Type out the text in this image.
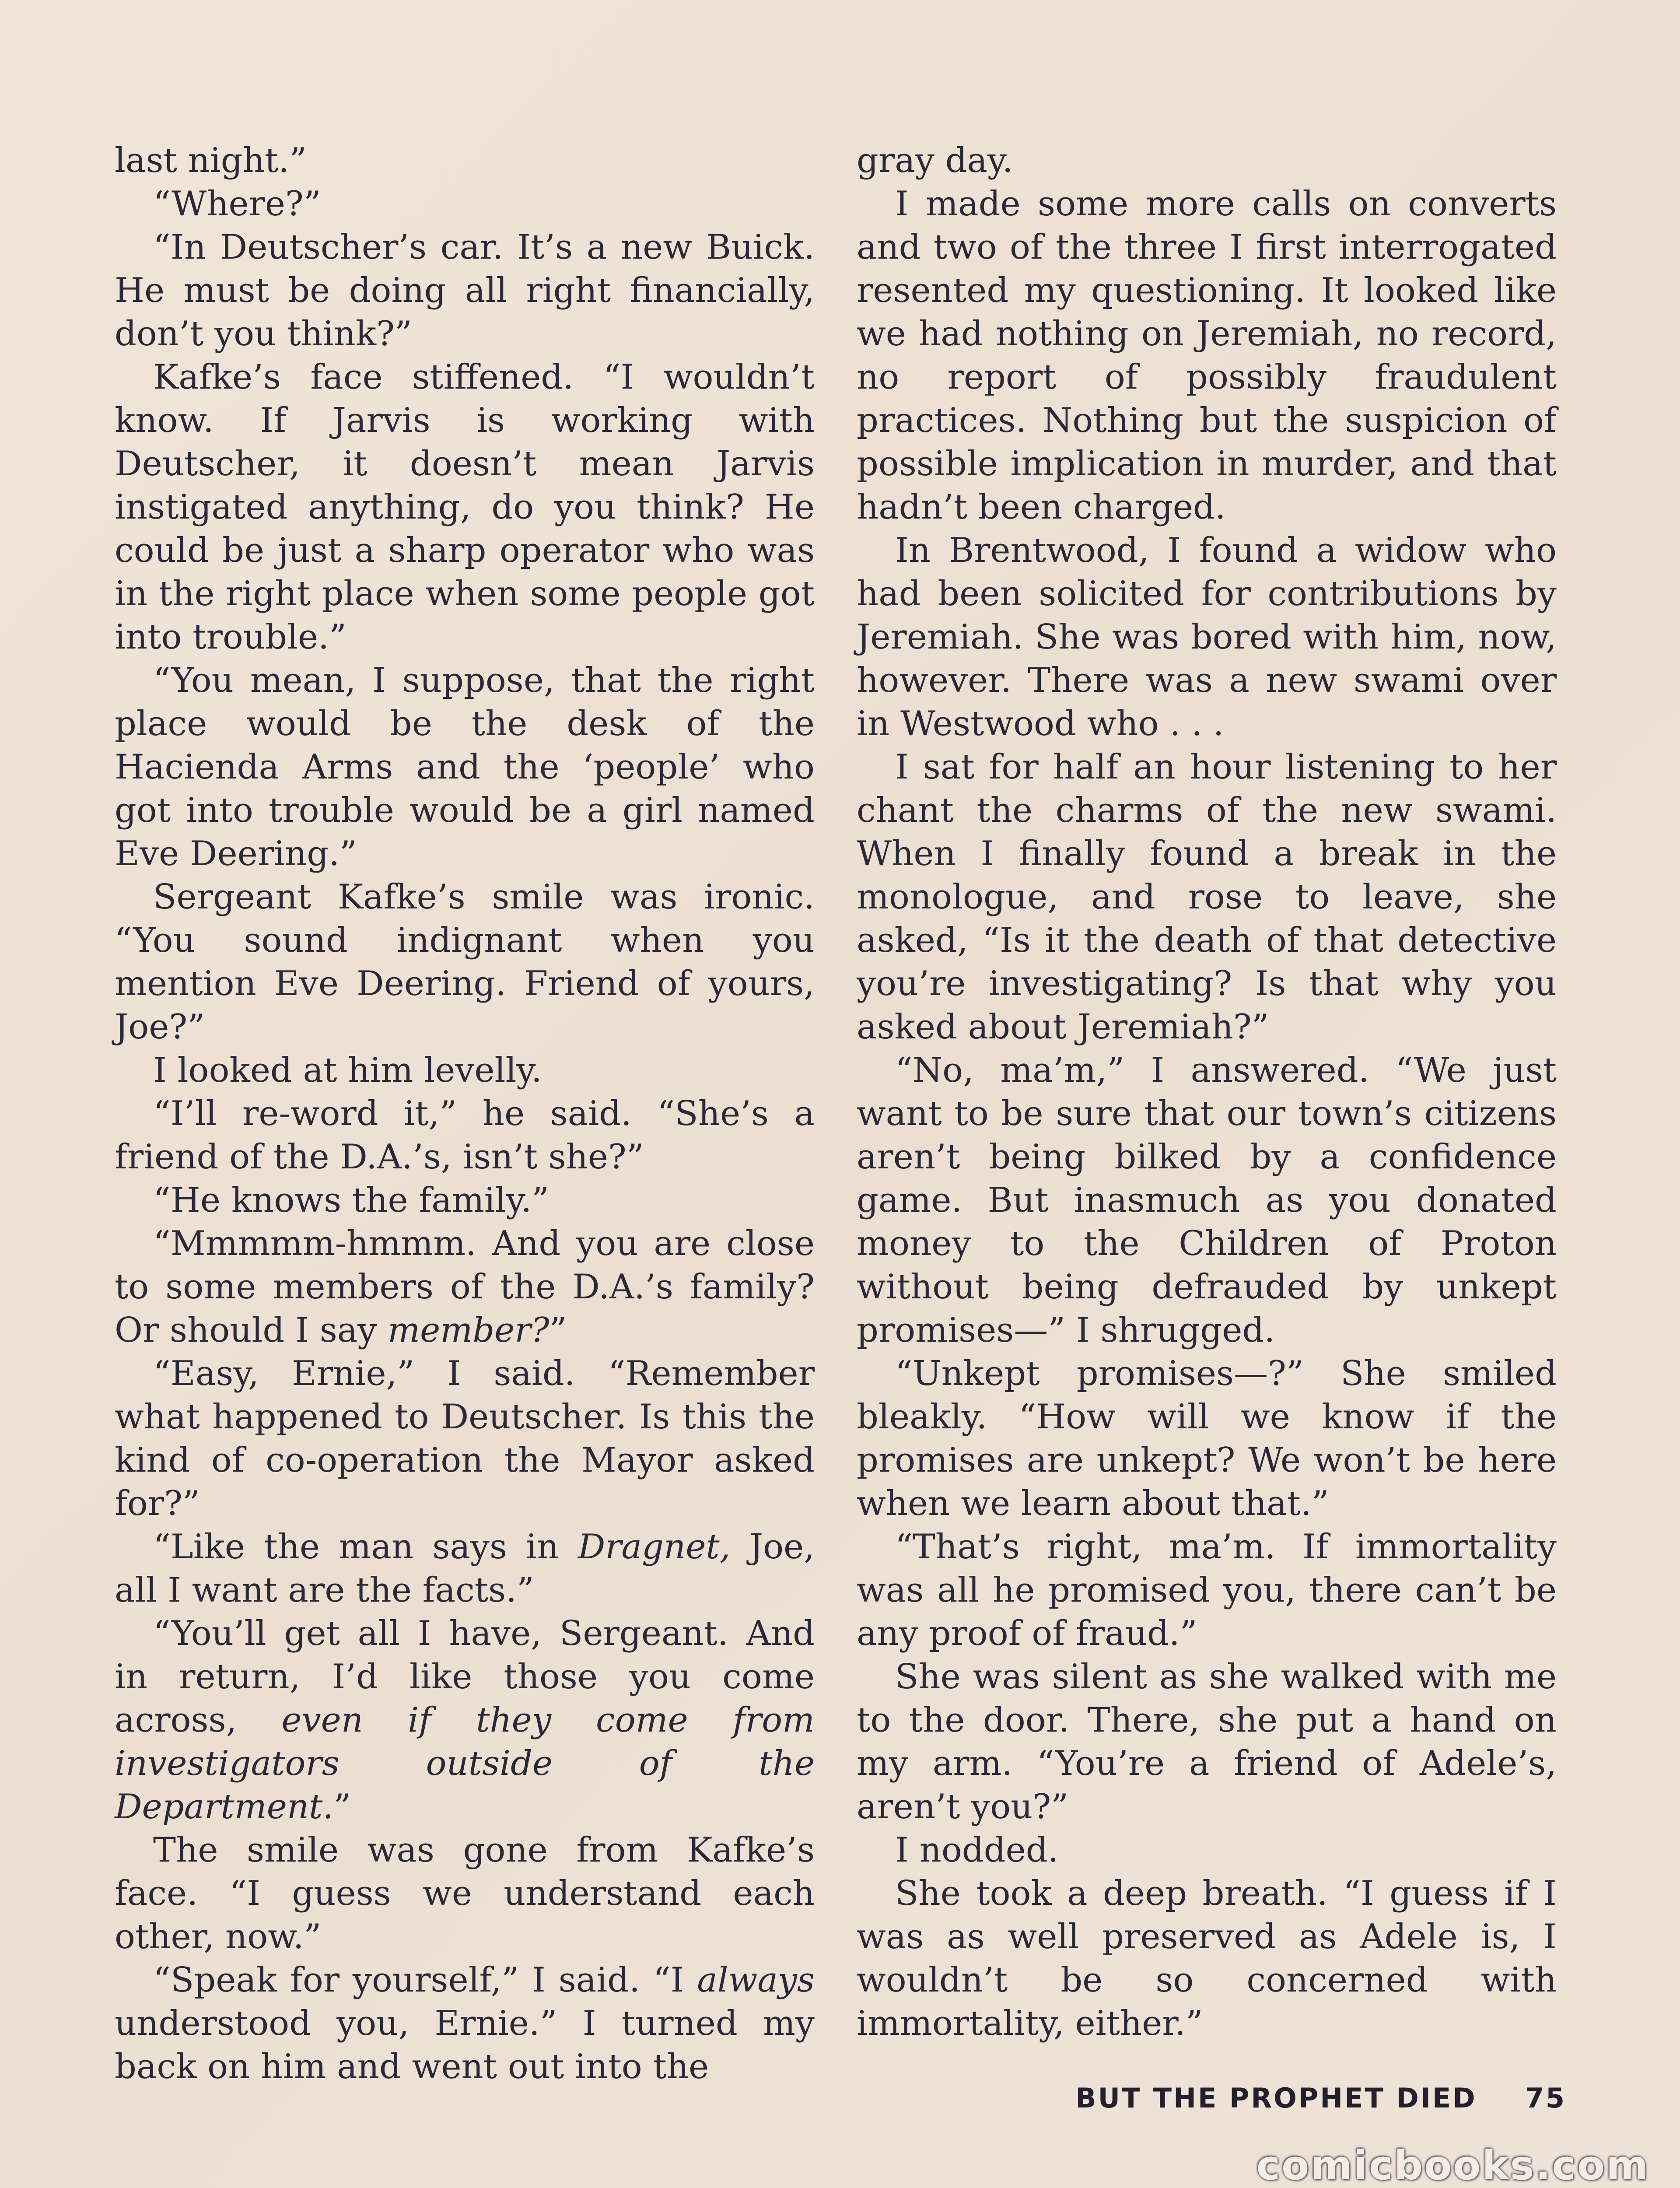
last night.”

“Where?”

“In Deutscher’s car. It’s a new Buick. He must be doing all right financially, don’t you think?”

Kafke’s face stiffened. “I wouldn’t know. If Jarvis is working with Deutscher, it doesn’t mean Jarvis instigated anything, do you think? He could be just a sharp operator who was in the right place when some people got into trouble.”

“You mean, I suppose, that the right place would be the desk of the Hacienda Arms and the ‘people’ who got into trouble would be a girl named Eve Deering.”

Sergeant Kafke’s smile was ironic. “You sound indignant when you mention Eve Deering. Friend of yours, Joe?”

I looked at him levelly.

“I’ll re-word it,” he said. “She’s a friend of the D.A.’s, isn’t she?”

“He knows the family.”

“Mmmmm-hmmm. And you are close to some members of the D.A.’s family? Or should I say member?”

“Easy, Ernie,” I said. “Remember what happened to Deutscher. Is this the kind of co-operation the Mayor asked for?”

“Like the man says in Dragnet, Joe, all I want are the facts.”

“You’ll get all I have, Sergeant. And in return, I’d like those you come across, even if they come from investigators outside of the Department.”

The smile was gone from Kafke’s face. “I guess we understand each other, now.”

“Speak for yourself,” I said. “I always understood you, Ernie.” I turned my back on him and went out into the

gray day.

I made some more calls on converts and two of the three I first interrogated resented my questioning. It looked like we had nothing on Jeremiah, no record, no report of possibly fraudulent practices. Nothing but the suspicion of possible implication in murder, and that hadn’t been charged.

In Brentwood, I found a widow who had been solicited for contributions by Jeremiah. She was bored with him, now, however. There was a new swami over in Westwood who . . .

I sat for half an hour listening to her chant the charms of the new swami. When I finally found a break in the monologue, and rose to leave, she asked, “Is it the death of that detective you’re investigating? Is that why you asked about Jeremiah?”

“No, ma’m,” I answered. “We just want to be sure that our town’s citizens aren’t being bilked by a confidence game. But inasmuch as you donated money to the Children of Proton without being defrauded by unkept promises—” I shrugged.

“Unkept promises—?” She smiled bleakly. “How will we know if the promises are unkept? We won’t be here when we learn about that.”

“That’s right, ma’m. If immortality was all he promised you, there can’t be any proof of fraud.”

She was silent as she walked with me to the door. There, she put a hand on my arm. “You’re a friend of Adele’s, aren’t you?”

I nodded.

She took a deep breath. “I guess if I was as well preserved as Adele is, I wouldn’t be so concerned with immortality, either.”

BUT THE PROPHET DIED 75
comicbooks.com
